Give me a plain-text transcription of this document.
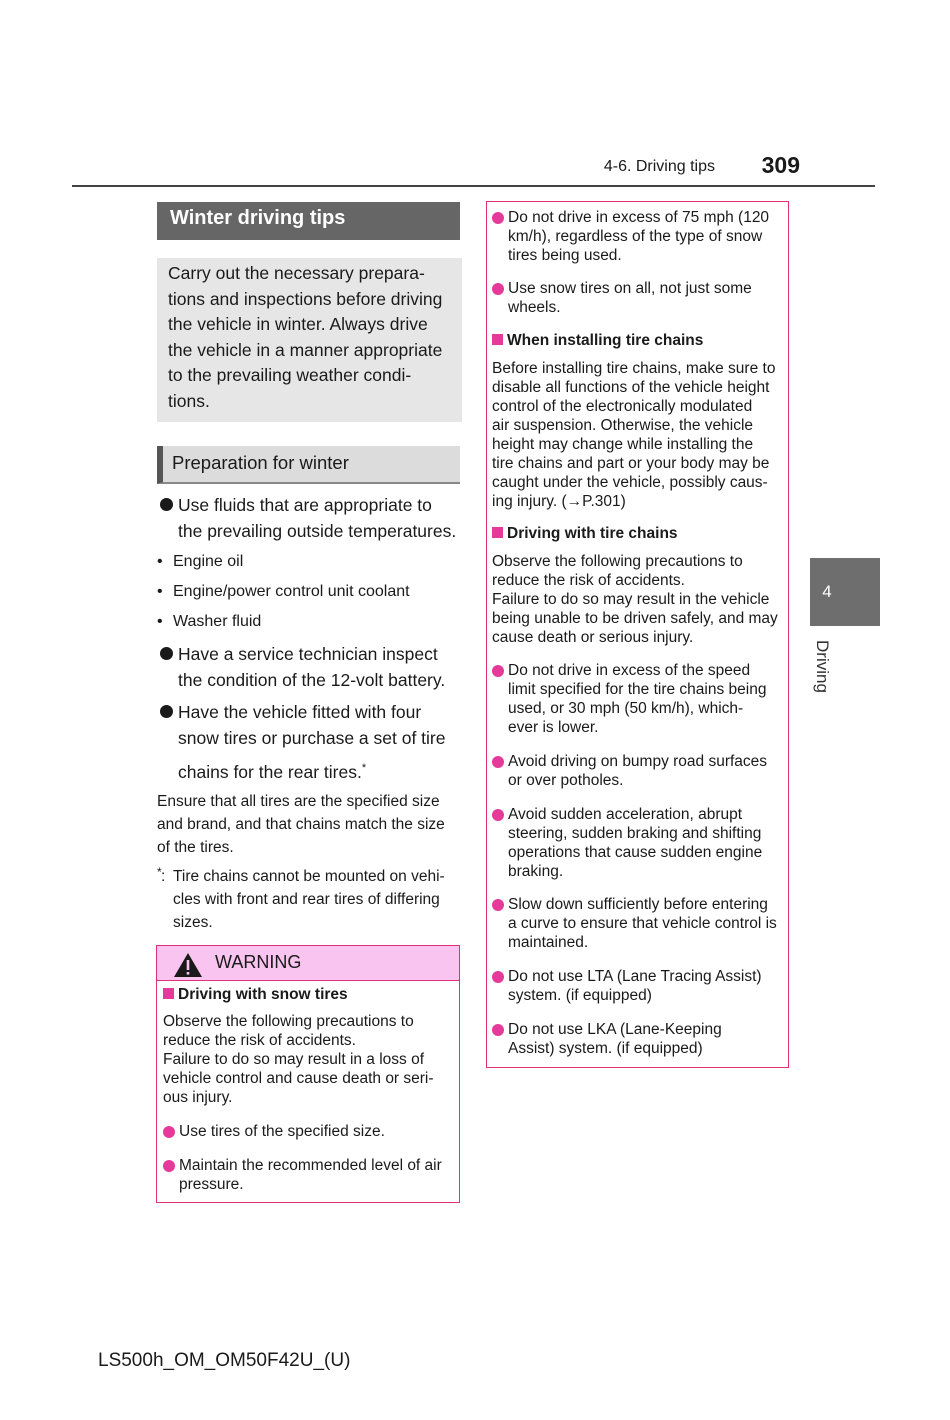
4-6. Driving tips	309
4
Driving
Winter driving tips

Carry out the necessary prepara-

tions and inspections before driving

the vehicle in winter. Always drive

the vehicle in a manner appropriate

to the prevailing weather condi-

tions.

Preparation for winter
Use fluids that are appropriate to
the prevailing outside temperatures.
• Engine oil
• Engine/power control unit coolant
• Washer fluid
Have a service technician inspect
the condition of the 12-volt battery.
Have the vehicle fitted with four
snow tires or purchase a set of tire
chains for the rear tires.*
Ensure that all tires are the specified size
and brand, and that chains match the size
of the tires.
* : Tire chains cannot be mounted on vehi-
cles with front and rear tires of differing
sizes.
WARNING
Driving with snow tires
Observe the following precautions to
reduce the risk of accidents.
Failure to do so may result in a loss of
vehicle control and cause death or seri-
ous injury.
Use tires of the specified size.
Maintain the recommended level of air
pressure.
Do not drive in excess of 75 mph (120
km/h), regardless of the type of snow
tires being used.
Use snow tires on all, not just some
wheels.
When installing tire chains
Before installing tire chains, make sure to
disable all functions of the vehicle height
control of the electronically modulated
air suspension. Otherwise, the vehicle
height may change while installing the
tire chains and part or your body may be
caught under the vehicle, possibly caus-
ing injury. (→P.301)
Driving with tire chains
Observe the following precautions to
reduce the risk of accidents.
Failure to do so may result in the vehicle
being unable to be driven safely, and may
cause death or serious injury.
Do not drive in excess of the speed
limit specified for the tire chains being
used, or 30 mph (50 km/h), which-
ever is lower.
Avoid driving on bumpy road surfaces
or over potholes.
Avoid sudden acceleration, abrupt
steering, sudden braking and shifting
operations that cause sudden engine
braking.
Slow down sufficiently before entering
a curve to ensure that vehicle control is
maintained.
Do not use LTA (Lane Tracing Assist)
system. (if equipped)
Do not use LKA (Lane-Keeping
Assist) system. (if equipped)
LS500h_OM_OM50F42U_(U)
